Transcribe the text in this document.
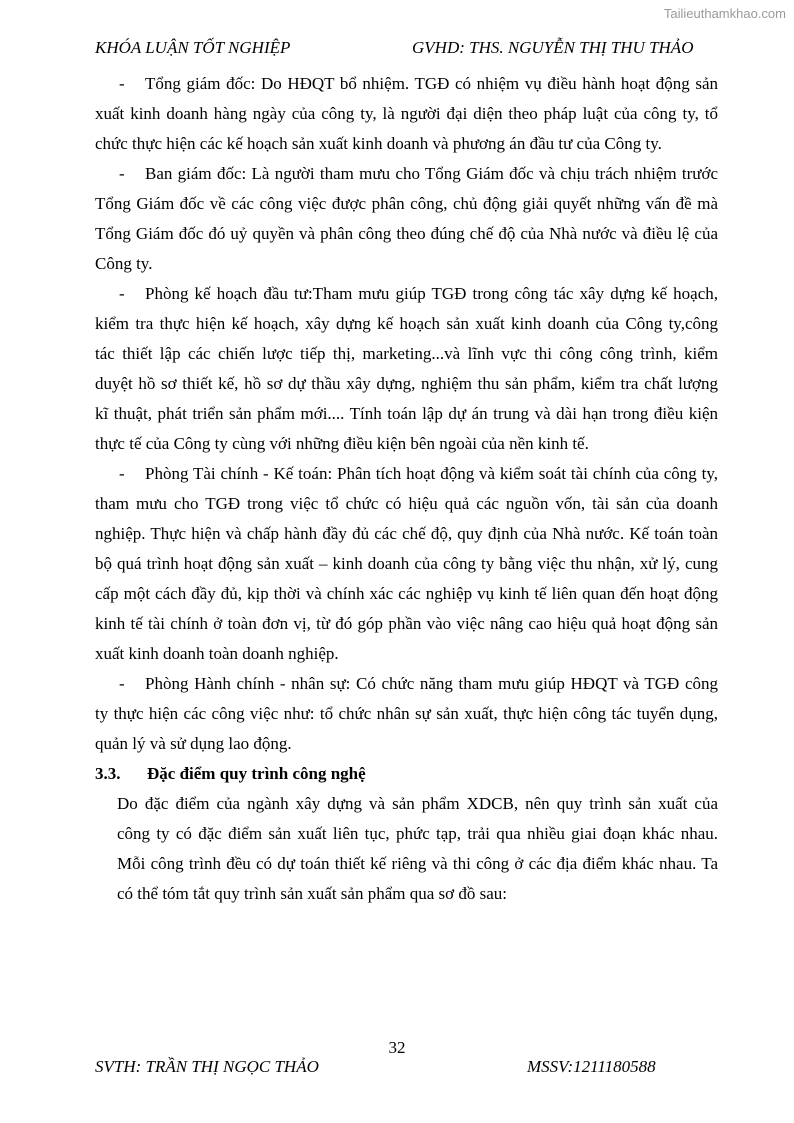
Tailieuthamkhao.com
KHÓA LUẬN TỐT NGHIỆP	GVHD: THS. NGUYỄN THỊ THU THẢO
- Tổng giám đốc: Do HĐQT bổ nhiệm. TGĐ có nhiệm vụ điều hành hoạt động sản
xuất kinh doanh hàng ngày của công ty, là người đại diện theo pháp luật của công ty, tổ
chức thực hiện các kế hoạch sản xuất kinh doanh và phương án đầu tư của Công ty.
- Ban giám đốc: Là người tham mưu cho Tổng Giám đốc và chịu trách nhiệm trước
Tổng Giám đốc về các công việc được phân công, chủ động giải quyết những vấn đề mà
Tổng Giám đốc đó uỷ quyền và phân công theo đúng chế độ của Nhà nước và điều lệ của
Công ty.
- Phòng kế hoạch đầu tư:Tham mưu giúp TGĐ trong công tác xây dựng kế hoạch,
kiểm tra thực hiện kế hoạch, xây dựng kế hoạch sản xuất kinh doanh của Công ty,công
tác thiết lập các chiến lược tiếp thị, marketing...và lĩnh vực thi công công trình, kiểm
duyệt hồ sơ thiết kế, hồ sơ dự thầu xây dựng, nghiệm thu sản phẩm, kiểm tra chất lượng
kĩ thuật, phát triển sản phẩm mới.... Tính toán lập dự án trung và dài hạn trong điều kiện
thực tế của Công ty cùng với những điều kiện bên ngoài của nền kinh tế.
- Phòng Tài chính - Kế toán: Phân tích hoạt động và kiểm soát tài chính của công ty,
tham mưu cho TGĐ trong việc tổ chức có hiệu quả các nguồn vốn, tài sản của doanh
nghiệp. Thực hiện và chấp hành đầy đủ các chế độ, quy định của Nhà nước. Kế toán toàn
bộ quá trình hoạt động sản xuất – kinh doanh của công ty bằng việc thu nhận, xử lý, cung
cấp một cách đầy đủ, kịp thời và chính xác các nghiệp vụ kinh tế liên quan đến hoạt động
kinh tế tài chính ở toàn đơn vị, từ đó góp phần vào việc nâng cao hiệu quả hoạt động sản
xuất kinh doanh toàn doanh nghiệp.
- Phòng Hành chính - nhân sự: Có chức năng tham mưu giúp HĐQT và TGĐ công
ty thực hiện các công việc như: tổ chức nhân sự sản xuất, thực hiện công tác tuyển dụng,
quản lý và sử dụng lao động.
3.3. Đặc điểm quy trình công nghệ
Do đặc điểm của ngành xây dựng và sản phẩm XDCB, nên quy trình sản xuất của
công ty có đặc điểm sản xuất liên tục, phức tạp, trải qua nhiều giai đoạn khác nhau.
Mỗi công trình đều có dự toán thiết kế riêng và thi công ở các địa điểm khác nhau. Ta
có thể tóm tắt quy trình sản xuất sản phẩm qua sơ đồ sau:
32
SVTH: TRẦN THỊ NGỌC THẢO	MSSV:1211180588
